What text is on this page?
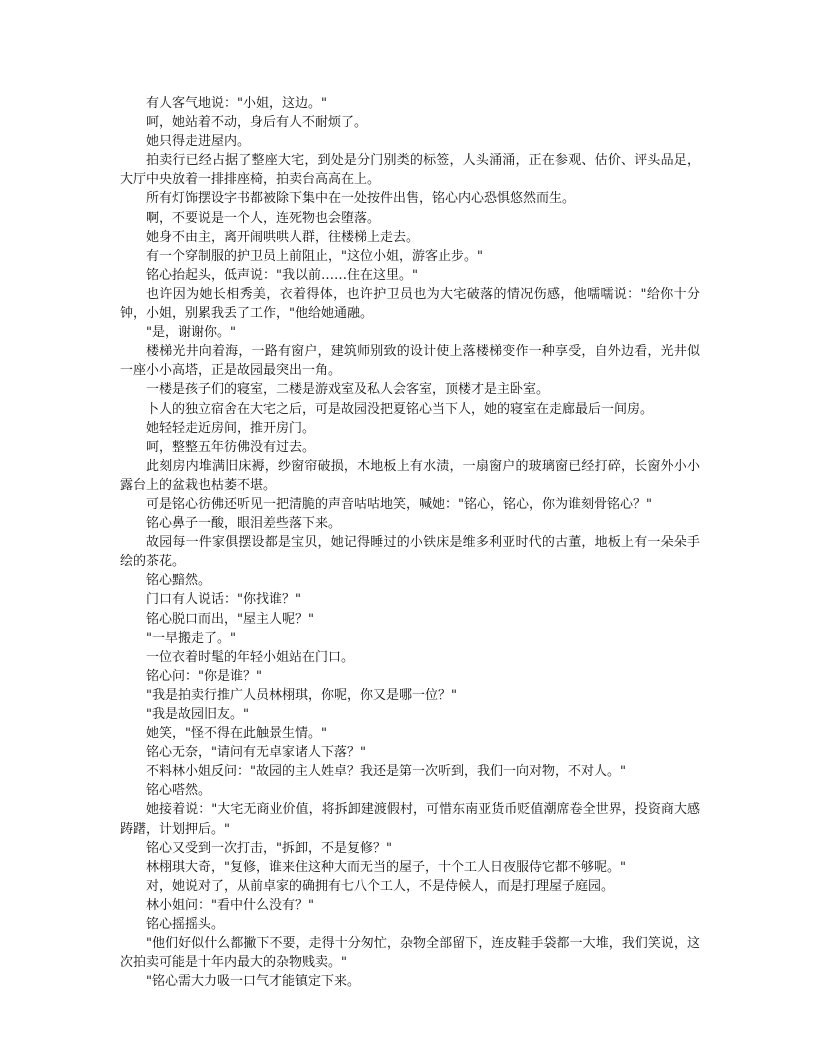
有人客气地说："小姐，这边。"

呵，她站着不动，身后有人不耐烦了。

她只得走进屋内。

拍卖行已经占据了整座大宅，到处是分门别类的标签，人头涌涌，正在参观、估价、评头品足，大厅中央放着一排排座椅，拍卖台高高在上。

所有灯饰摆设字书都被除下集中在一处按件出售，铭心内心恐惧悠然而生。

啊，不要说是一个人，连死物也会堕落。

她身不由主，离开闹哄哄人群，往楼梯上走去。

有一个穿制服的护卫员上前阻止，"这位小姐，游客止步。"

铭心抬起头，低声说："我以前……住在这里。"

也许因为她长相秀美，衣着得体，也许护卫员也为大宅破落的情况伤感，他嚅嚅说："给你十分钟，小姐，别累我丢了工作，"他给她通融。

"是，谢谢你。"

楼梯光井向着海，一路有窗户，建筑师别致的设计使上落楼梯变作一种享受，自外边看，光井似一座小小高塔，正是故园最突出一角。

一楼是孩子们的寝室，二楼是游戏室及私人会客室，顶楼才是主卧室。

卜人的独立宿舍在大宅之后，可是故园没把夏铭心当下人，她的寝室在走廊最后一间房。

她轻轻走近房间，推开房门。

呵，整整五年彷佛没有过去。

此刻房内堆满旧床褥，纱窗帘破损，木地板上有水渍，一扇窗户的玻璃窗已经打碎，长窗外小小露台上的盆栽也枯萎不堪。

可是铭心彷佛还听见一把清脆的声音咕咕地笑，喊她："铭心，铭心，你为谁刻骨铭心？"

铭心鼻子一酸，眼泪差些落下来。

故园每一件家俱摆设都是宝贝，她记得睡过的小铁床是维多利亚时代的古董，地板上有一朵朵手绘的茶花。

铭心黯然。

门口有人说话："你找谁？"

铭心脱口而出，"屋主人呢？"

"一早搬走了。"

一位衣着时髦的年轻小姐站在门口。

铭心问："你是谁？"

"我是拍卖行推广人员林栩琪，你呢，你又是哪一位？"

"我是故园旧友。"

她笑，"怪不得在此触景生情。"

铭心无奈，"请问有无卓家诸人下落？"

不料林小姐反问："故园的主人姓卓？我还是第一次听到，我们一向对物，不对人。"

铭心嗒然。

她接着说："大宅无商业价值，将拆卸建渡假村，可惜东南亚货币贬值潮席卷全世界，投资商大感踌躇，计划押后。"

铭心又受到一次打击，"拆卸，不是复修？"

林栩琪大奇，"复修，谁来住这种大而无当的屋子，十个工人日夜服侍它都不够呢。"

对，她说对了，从前卓家的确拥有七八个工人，不是侍候人，而是打理屋子庭园。

林小姐问："看中什么没有？"

铭心摇摇头。

"他们好似什么都撇下不要，走得十分匆忙，杂物全部留下，连皮鞋手袋都一大堆，我们笑说，这次拍卖可能是十年内最大的杂物贱卖。"

"铭心需大力吸一口气才能镇定下来。
